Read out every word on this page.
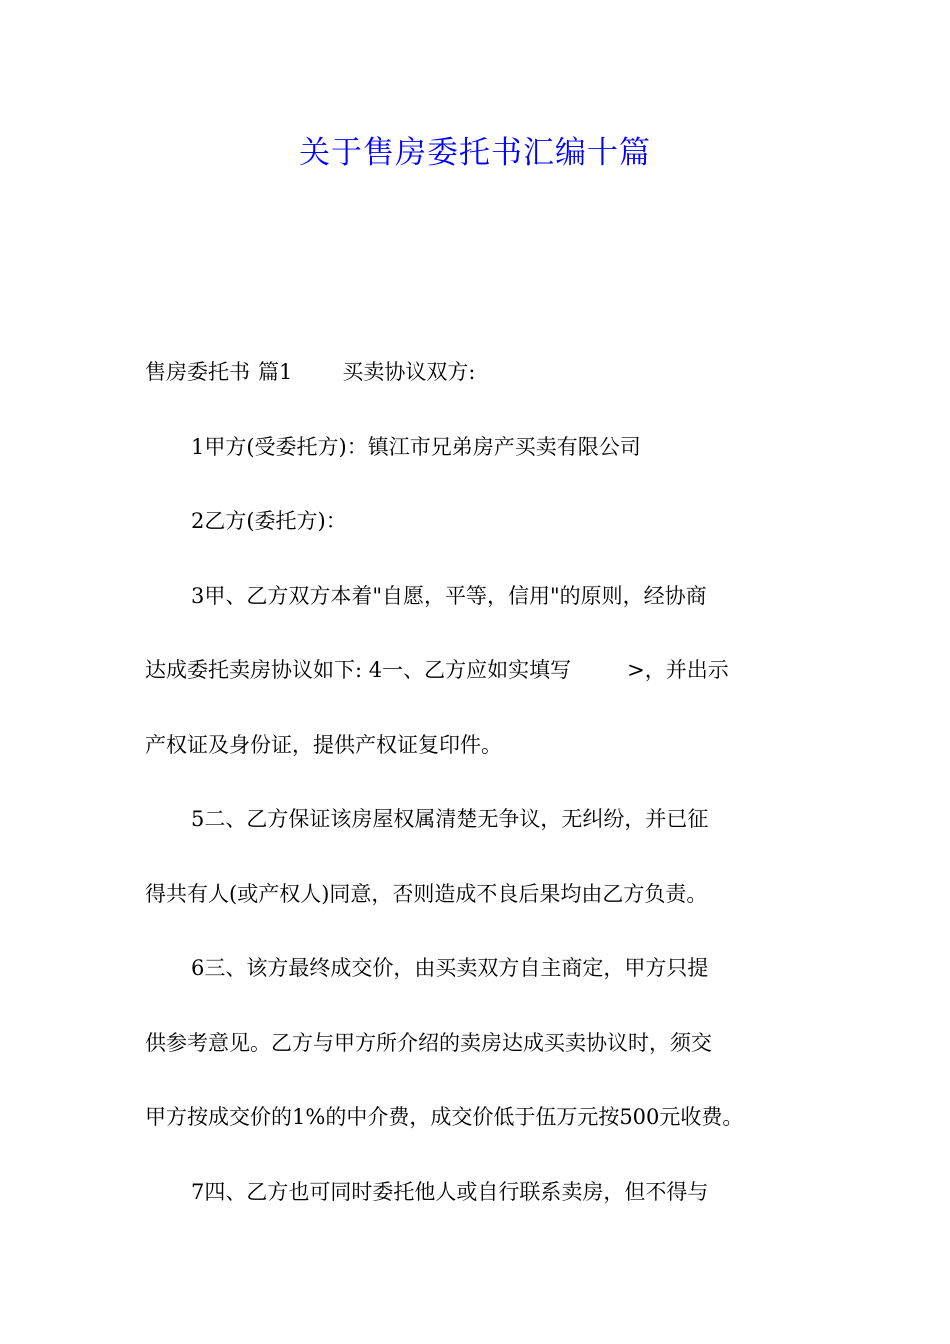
关于售房委托书汇编十篇
售房委托书 篇1 买卖协议双方:
1甲方(受委托方)：镇江市兄弟房产买卖有限公司
2乙方(委托方)：
3甲、乙方双方本着"自愿，平等，信用"的原则，经协商
达成委托卖房协议如下: 4一、乙方应如实填写	>，并出示
产权证及身份证，提供产权证复印件。
5二、乙方保证该房屋权属清楚无争议，无纠纷，并已征
得共有人(或产权人)同意，否则造成不良后果均由乙方负责。
6三、该方最终成交价，由买卖双方自主商定，甲方只提
供参考意见。乙方与甲方所介绍的卖房达成买卖协议时，须交
甲方按成交价的1%的中介费，成交价低于伍万元按500元收费。
7四、乙方也可同时委托他人或自行联系卖房，但不得与
